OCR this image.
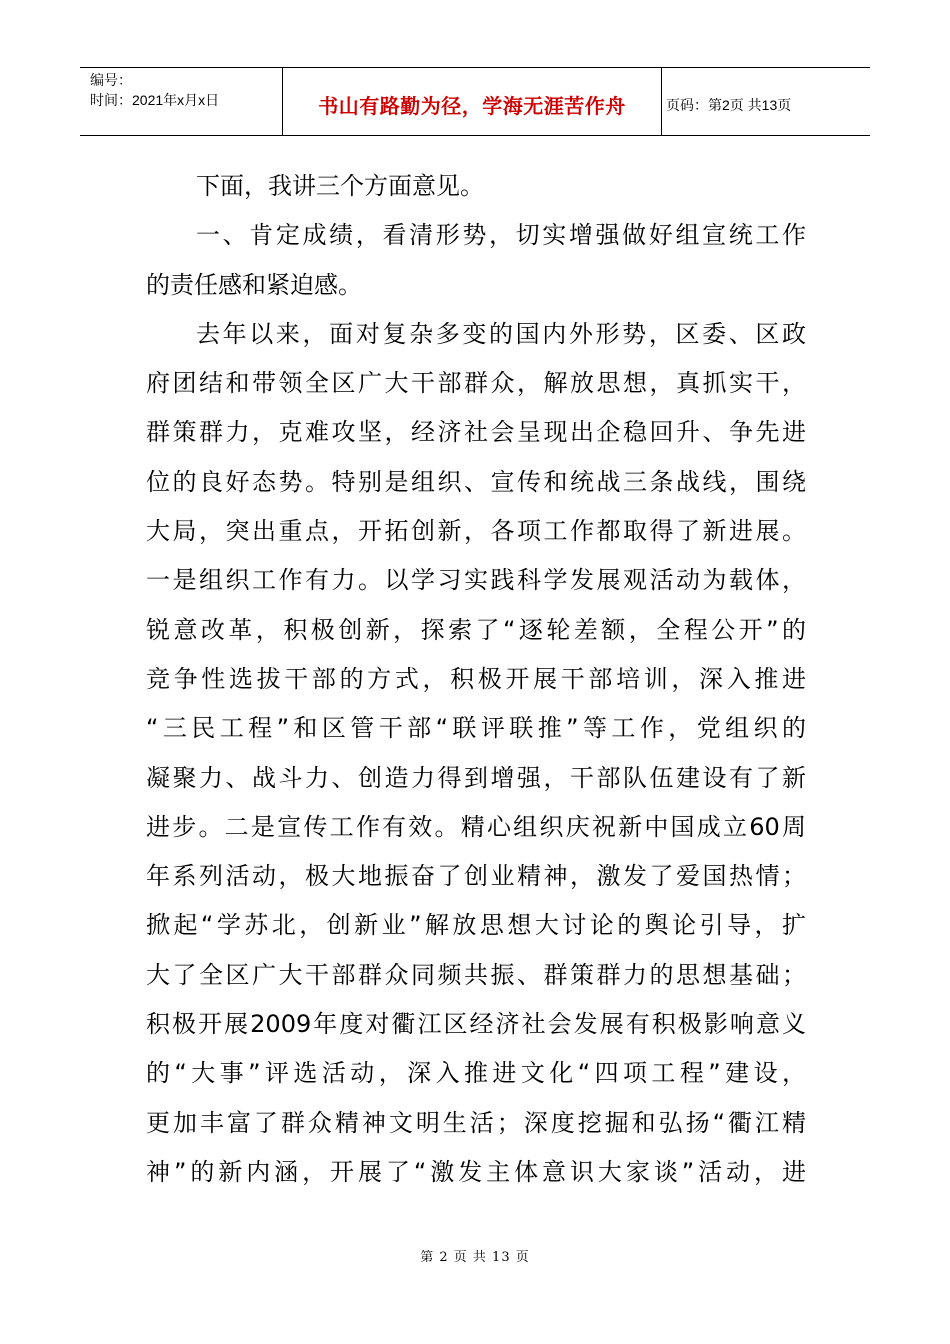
编号：
时间：2021年x月x日	书山有路勤为径，学海无涯苦作舟	页码：第2页 共13页
下面，我讲三个方面意见。
一、肯定成绩，看清形势，切实增强做好组宣统工作
的责任感和紧迫感。
去年以来，面对复杂多变的国内外形势，区委、区政
府团结和带领全区广大干部群众，解放思想，真抓实干，
群策群力，克难攻坚，经济社会呈现出企稳回升、争先进
位的良好态势。特别是组织、宣传和统战三条战线，围绕
大局，突出重点，开拓创新，各项工作都取得了新进展。
一是组织工作有力。以学习实践科学发展观活动为载体，
锐意改革，积极创新，探索了“逐轮差额，全程公开”的
竞争性选拔干部的方式，积极开展干部培训，深入推进
“三民工程”和区管干部“联评联推”等工作，党组织的
凝聚力、战斗力、创造力得到增强，干部队伍建设有了新
进步。二是宣传工作有效。精心组织庆祝新中国成立60周
年系列活动，极大地振奋了创业精神，激发了爱国热情；
掀起“学苏北，创新业”解放思想大讨论的舆论引导，扩
大了全区广大干部群众同频共振、群策群力的思想基础；
积极开展2009年度对衢江区经济社会发展有积极影响意义
的“大事”评选活动，深入推进文化“四项工程”建设，
更加丰富了群众精神文明生活；深度挖掘和弘扬“衢江精
神”的新内涵，开展了“激发主体意识大家谈”活动，进
第 2 页 共 13 页
